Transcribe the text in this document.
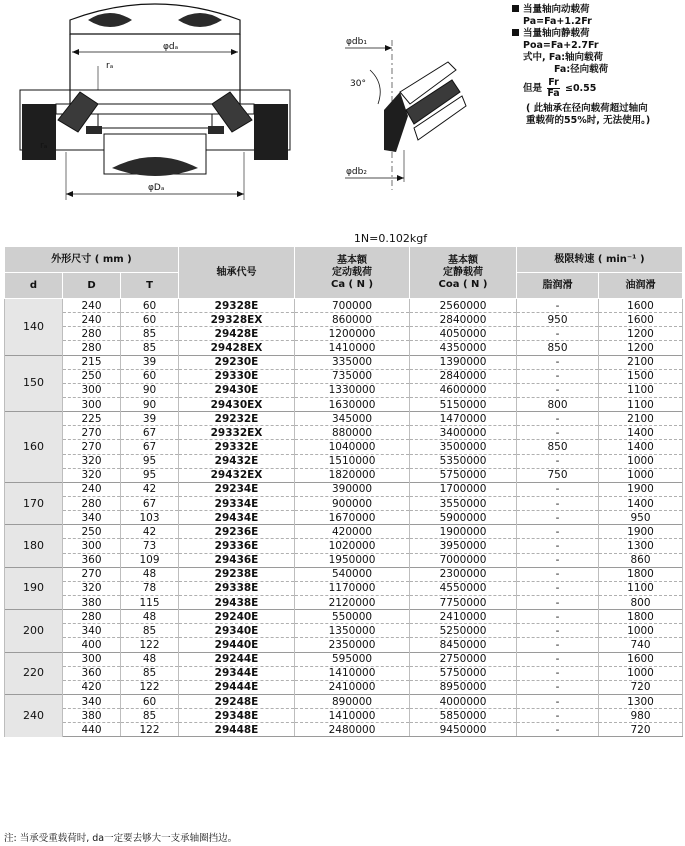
φdₐ
rₐ
rₐ
φDₐ
φdb₁
30°
φdb₂
当量轴向动载荷
Pa=Fa+1.2Fr
当量轴向静载荷
Poa=Fa+2.7Fr
式中, Fa:轴向载荷
Fa:径向载荷
但是 $\frac{Fr}{Fa} \le 0.55$
( 此轴承在径向载荷超过轴向
重载荷的55%时, 无法使用。)
1N=0.102kgf
外形尺寸 ( mm )			轴承代号	基本额
定动载荷
Ca ( N )	基本额
定静载荷
Coa ( N )	极限转速 ( min⁻¹ )	
d	D	T				脂润滑	油润滑
140	240	60	29328E	700000	2560000	-	1600
	240	60	29328EX	860000	2840000	950	1600
	280	85	29428E	1200000	4050000	-	1200
	280	85	29428EX	1410000	4350000	850	1200
150	215	39	29230E	335000	1390000	-	2100
	250	60	29330E	735000	2840000	-	1500
	300	90	29430E	1330000	4600000	-	1100
	300	90	29430EX	1630000	5150000	800	1100
160	225	39	29232E	345000	1470000	-	2100
	270	67	29332EX	880000	3400000	-	1400
	270	67	29332E	1040000	3500000	850	1400
	320	95	29432E	1510000	5350000	-	1000
	320	95	29432EX	1820000	5750000	750	1000
170	240	42	29234E	390000	1700000	-	1900
	280	67	29334E	900000	3550000	-	1400
	340	103	29434E	1670000	5900000	-	950
180	250	42	29236E	420000	1900000	-	1900
	300	73	29336E	1020000	3950000	-	1300
	360	109	29436E	1950000	7000000	-	860
190	270	48	29238E	540000	2300000	-	1800
	320	78	29338E	1170000	4550000	-	1100
	380	115	29438E	2120000	7750000	-	800
200	280	48	29240E	550000	2410000	-	1800
	340	85	29340E	1350000	5250000	-	1000
	400	122	29440E	2350000	8450000	-	740
220	300	48	29244E	595000	2750000	-	1600
	360	85	29344E	1410000	5750000	-	1000
	420	122	29444E	2410000	8950000	-	720
240	340	60	29248E	890000	4000000	-	1300
	380	85	29348E	1410000	5850000	-	980
	440	122	29448E	2480000	9450000	-	720
注: 当承受重载荷时, da一定要去够大一支承轴圈挡边。
